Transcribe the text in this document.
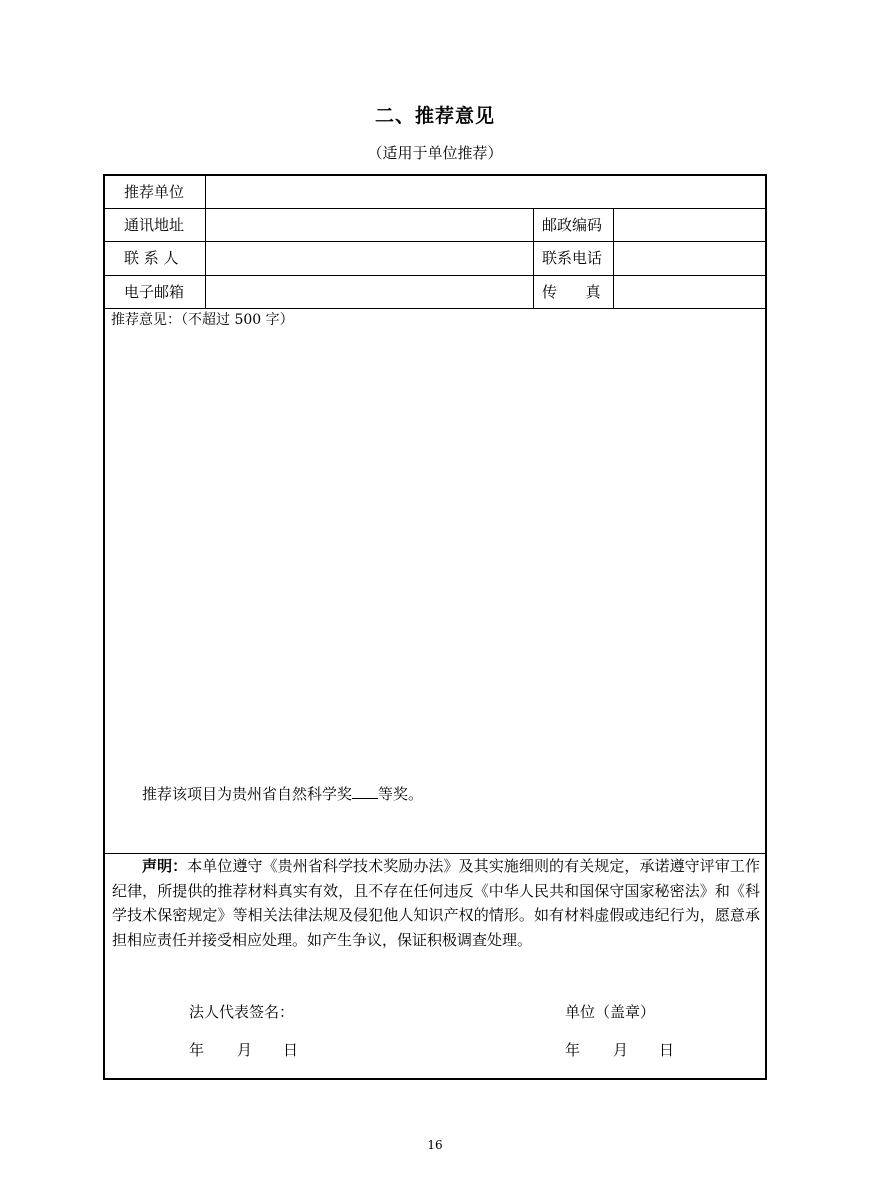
二、推荐意见
（适用于单位推荐）
推荐单位
通讯地址	邮政编码
联 系 人	联系电话
电子邮箱	传      真
推荐意见：（不超过 500 字）
推荐该项目为贵州省自然科学奖 等奖。
声明：本单位遵守《贵州省科学技术奖励办法》及其实施细则的有关规定，承诺遵守评审工作纪律，所提供的推荐材料真实有效，且不存在任何违反《中华人民共和国保守国家秘密法》和《科学技术保密规定》等相关法律法规及侵犯他人知识产权的情形。如有材料虚假或违纪行为，愿意承担相应责任并接受相应处理。如产生争议，保证积极调查处理。
法人代表签名：	单位（盖章）
年 月 日	年 月 日
16
